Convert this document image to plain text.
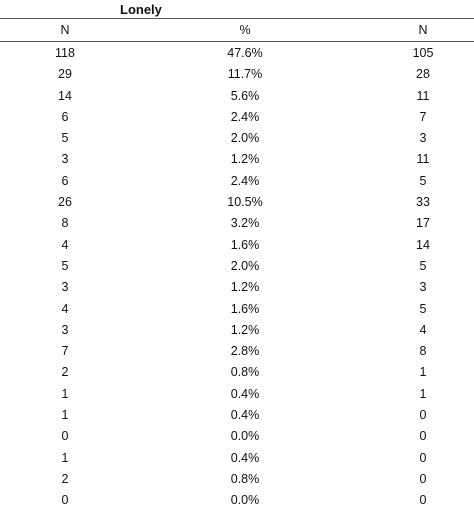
Lonely
N	%	N
118	47.6%	105
29	11.7%	28
14	5.6%	11
6	2.4%	7
5	2.0%	3
3	1.2%	11
6	2.4%	5
26	10.5%	33
8	3.2%	17
4	1.6%	14
5	2.0%	5
3	1.2%	3
4	1.6%	5
3	1.2%	4
7	2.8%	8
2	0.8%	1
1	0.4%	1
1	0.4%	0
0	0.0%	0
1	0.4%	0
2	0.8%	0
0	0.0%	0
